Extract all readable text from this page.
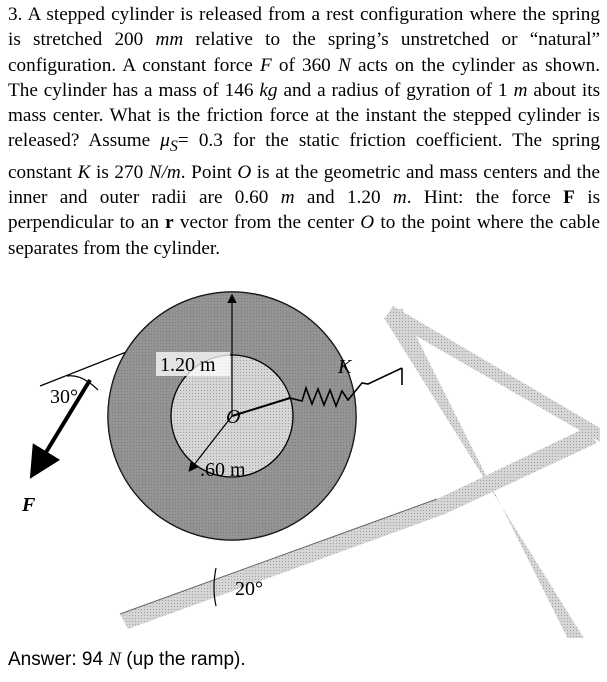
3. A stepped cylinder is released from a rest configuration where the spring is stretched 200 mm relative to the spring’s unstretched or “natural” configuration. A constant force F of 360 N acts on the cylinder as shown. The cylinder has a mass of 146 kg and a radius of gyration of 1 m about its mass center. What is the friction force at the instant the stepped cylinder is released? Assume $\mu_S= 0.3$ for the static friction coefficient. The spring constant K is 270 N/m. Point O is at the geometric and mass centers and the inner and outer radii are 0.60 m and 1.20 m. Hint: the force F is perpendicular to an r vector from the center O to the point where the cable separates from the cylinder.

1.20 m
.60 m
O
30°
20°
F
K
Answer: 94 N (up the ramp).
